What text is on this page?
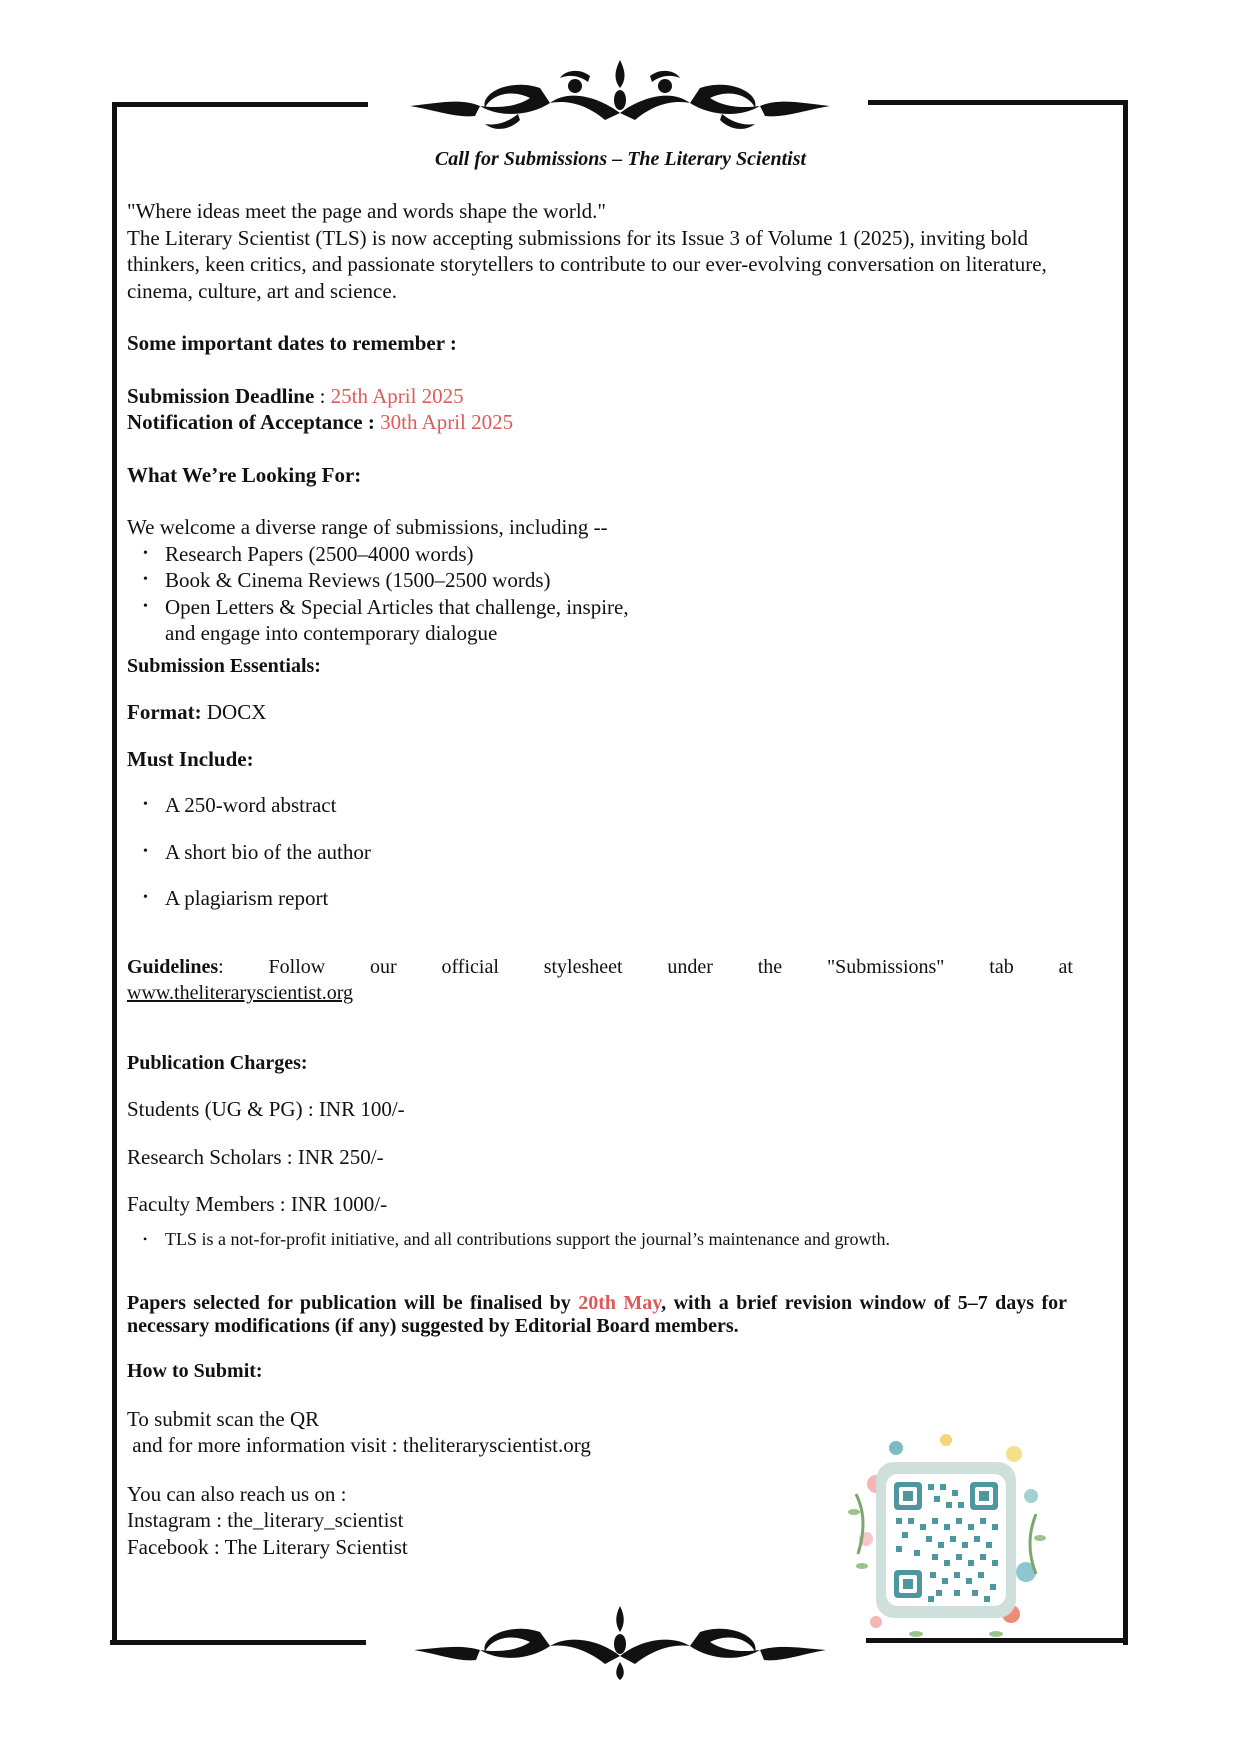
Call for Submissions – The Literary Scientist

"Where ideas meet the page and words shape the world."

The Literary Scientist (TLS) is now accepting submissions for its Issue 3 of Volume 1 (2025), inviting bold thinkers, keen critics, and passionate storytellers to contribute to our ever-evolving conversation on literature, cinema, culture, art and science.

Some important dates to remember :

Submission Deadline : 25th April 2025

Notification of Acceptance : 30th April 2025

What We’re Looking For:

We welcome a diverse range of submissions, including --

• Research Papers (2500–4000 words)
• Book & Cinema Reviews (1500–2500 words)
• Open Letters & Special Articles that challenge, inspire,
and engage into contemporary dialogue

Submission Essentials:

Format: DOCX

Must Include:

• A 250-word abstract
• A short bio of the author
• A plagiarism report
Guidelines: Follow our official stylesheet under the "Submissions" tab at

www.theliteraryscientist.org

Publication Charges:

Students (UG & PG) : INR 100/-

Research Scholars : INR 250/-

Faculty Members : INR 1000/-

• TLS is a not-for-profit initiative, and all contributions support the journal’s maintenance and growth.

Papers selected for publication will be finalised by 20th May, with a brief revision window of 5–7 days for necessary modifications (if any) suggested by Editorial Board members.

How to Submit:

To submit scan the QR

and for more information visit : theliteraryscientist.org

You can also reach us on :

Instagram : the_literary_scientist

Facebook : The Literary Scientist
